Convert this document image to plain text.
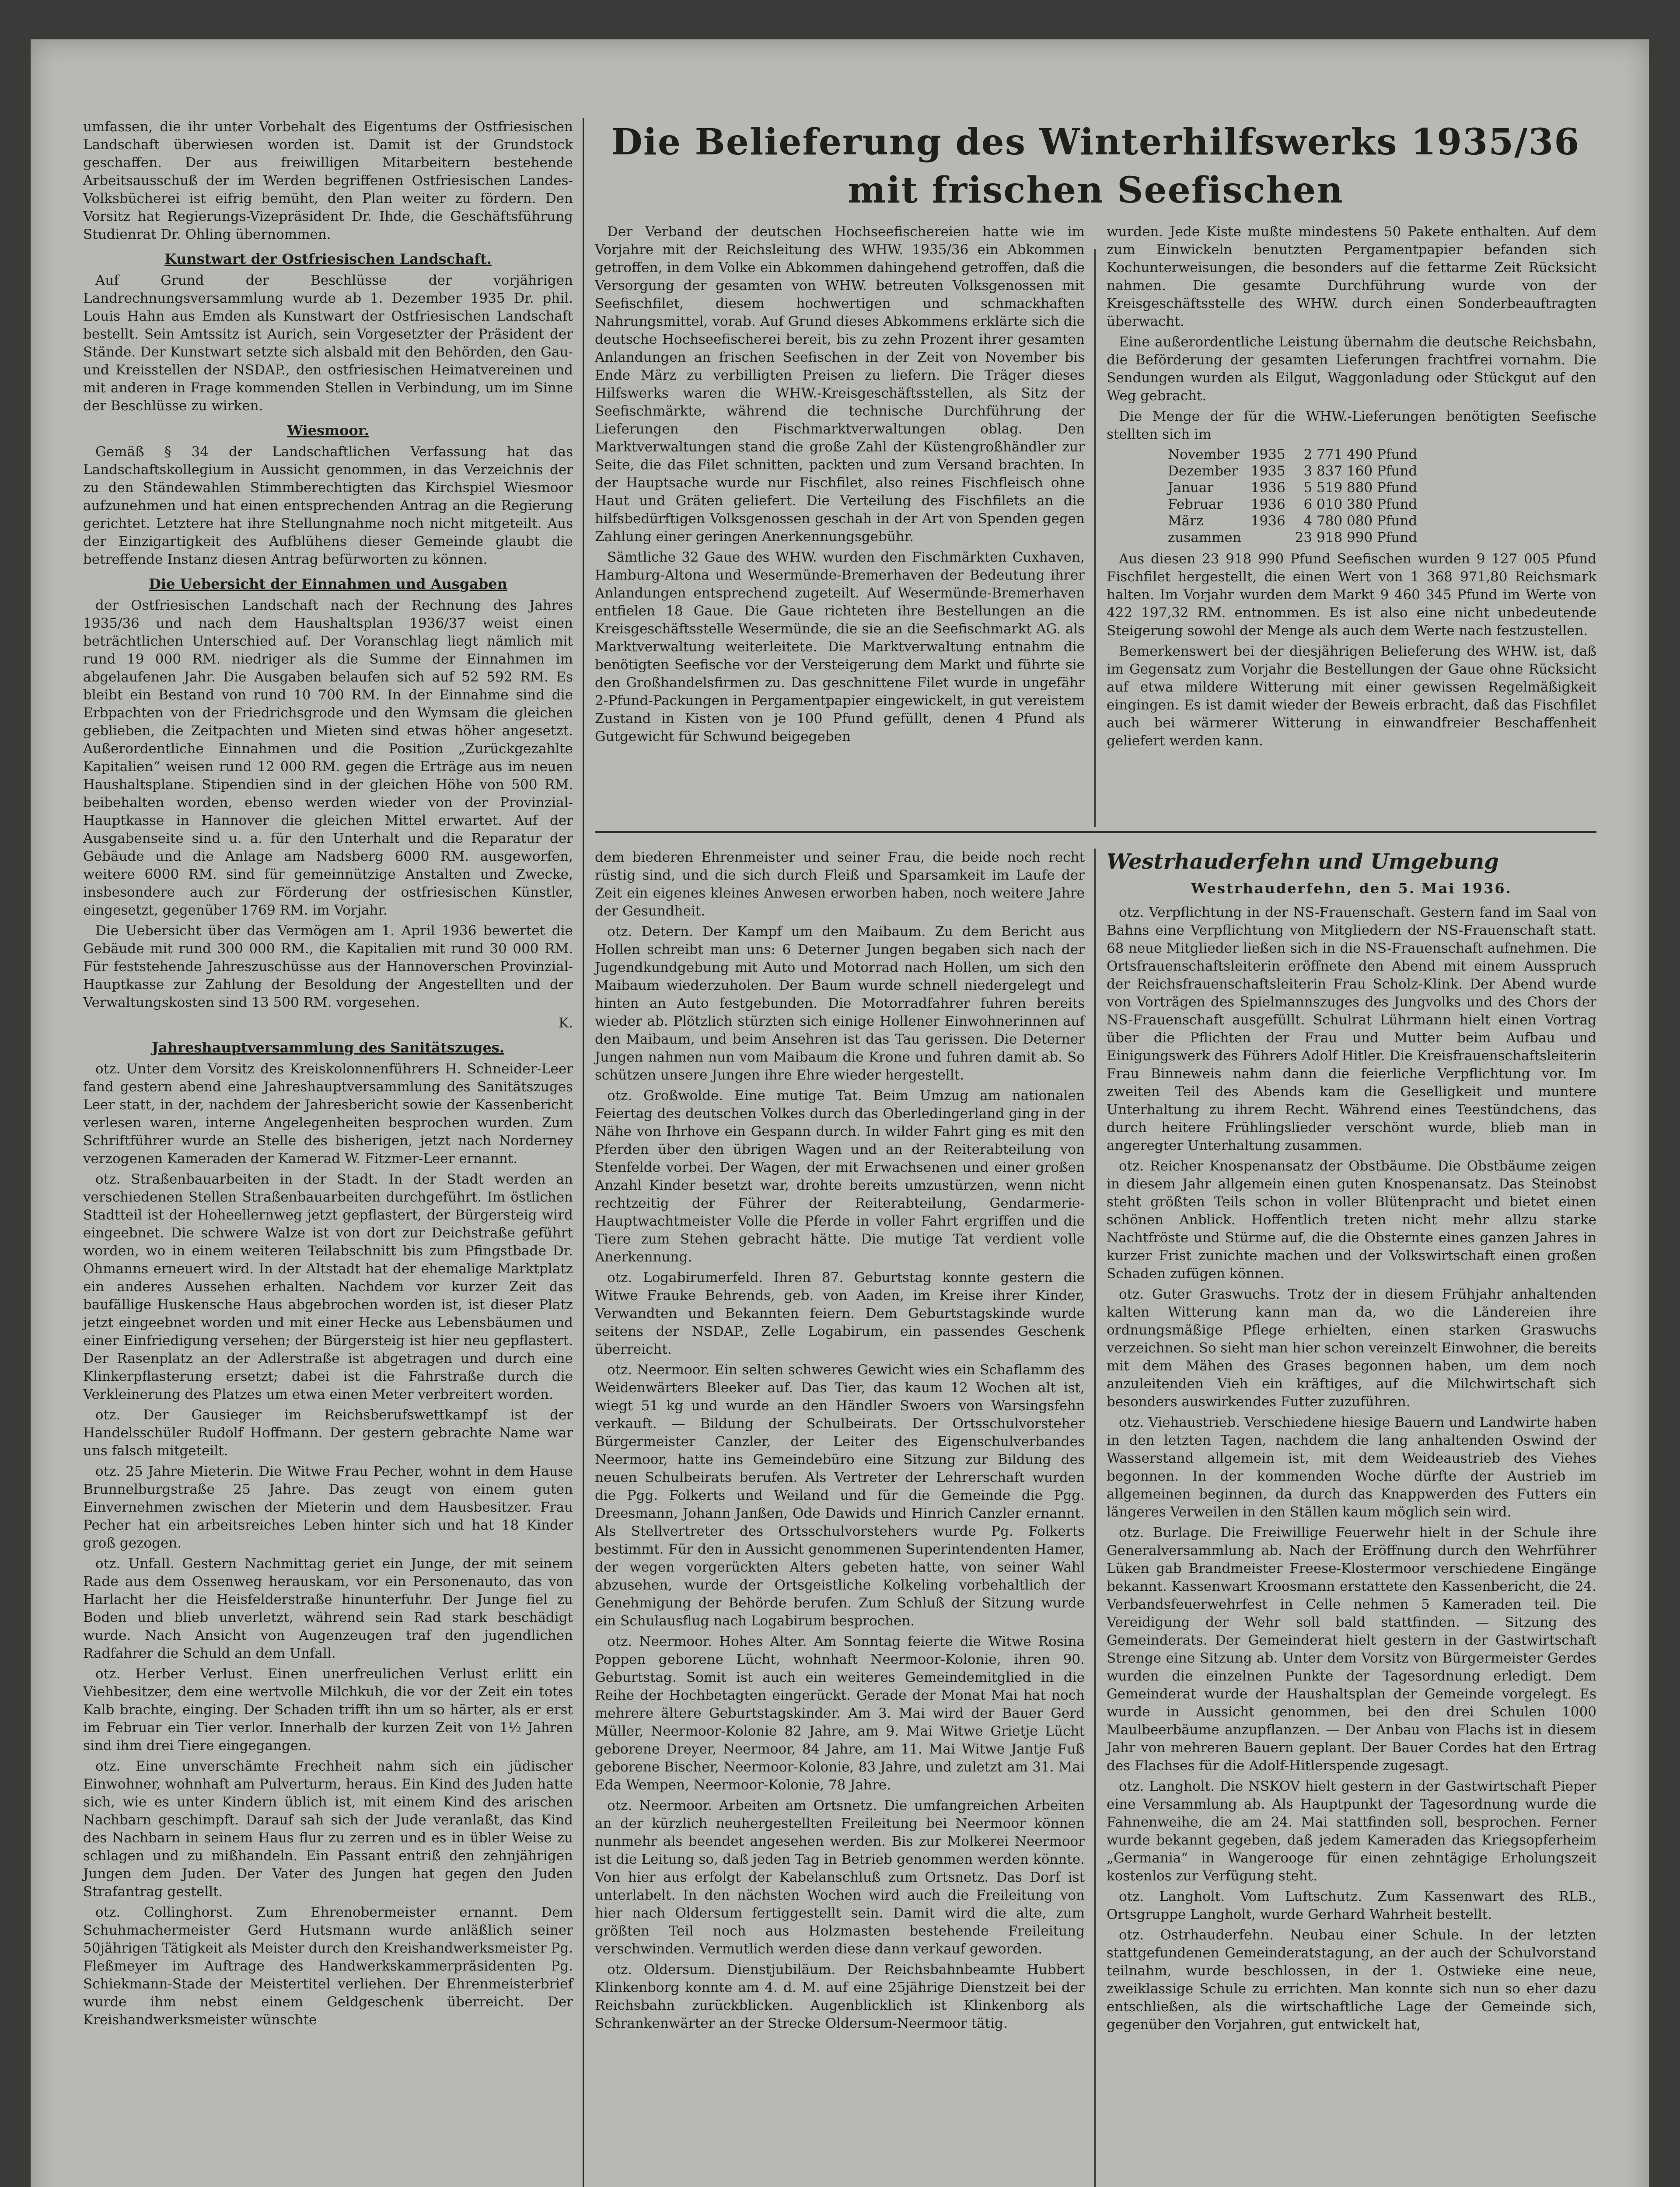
umfassen, die ihr unter Vorbehalt des Eigentums der Ostfriesischen Landschaft überwiesen worden ist. Damit ist der Grundstock geschaffen. Der aus freiwilligen Mitarbeitern bestehende Arbeitsausschuß der im Werden begriffenen Ostfriesischen Landes-Volksbücherei ist eifrig bemüht, den Plan weiter zu fördern. Den Vorsitz hat Regierungs-Vizepräsident Dr. Ihde, die Geschäftsführung Studienrat Dr. Ohling übernommen.

Kunstwart der Ostfriesischen Landschaft.

Auf Grund der Beschlüsse der vorjährigen Landrechnungsversammlung wurde ab 1. Dezember 1935 Dr. phil. Louis Hahn aus Emden als Kunstwart der Ostfriesischen Landschaft bestellt. Sein Amtssitz ist Aurich, sein Vorgesetzter der Präsident der Stände. Der Kunstwart setzte sich alsbald mit den Behörden, den Gau- und Kreisstellen der NSDAP., den ostfriesischen Heimatvereinen und mit anderen in Frage kommenden Stellen in Verbindung, um im Sinne der Beschlüsse zu wirken.

Wiesmoor.

Gemäß § 34 der Landschaftlichen Verfassung hat das Landschaftskollegium in Aussicht genommen, in das Verzeichnis der zu den Ständewahlen Stimmberechtigten das Kirchspiel Wiesmoor aufzunehmen und hat einen entsprechenden Antrag an die Regierung gerichtet. Letztere hat ihre Stellungnahme noch nicht mitgeteilt. Aus der Einzigartigkeit des Aufblühens dieser Gemeinde glaubt die betreffende Instanz diesen Antrag befürworten zu können.

Die Uebersicht der Einnahmen und Ausgaben

der Ostfriesischen Landschaft nach der Rechnung des Jahres 1935/36 und nach dem Haushaltsplan 1936/37 weist einen beträchtlichen Unterschied auf. Der Voranschlag liegt nämlich mit rund 19 000 RM. niedriger als die Summe der Einnahmen im abgelaufenen Jahr. Die Ausgaben belaufen sich auf 52 592 RM. Es bleibt ein Bestand von rund 10 700 RM. In der Einnahme sind die Erbpachten von der Friedrichsgrode und den Wymsam die gleichen geblieben, die Zeitpachten und Mieten sind etwas höher angesetzt. Außerordentliche Einnahmen und die Position „Zurückgezahlte Kapitalien“ weisen rund 12 000 RM. gegen die Erträge aus im neuen Haushaltsplane. Stipendien sind in der gleichen Höhe von 500 RM. beibehalten worden, ebenso werden wieder von der Provinzial-Hauptkasse in Hannover die gleichen Mittel erwartet. Auf der Ausgabenseite sind u. a. für den Unterhalt und die Reparatur der Gebäude und die Anlage am Nadsberg 6000 RM. ausgeworfen, weitere 6000 RM. sind für gemeinnützige Anstalten und Zwecke, insbesondere auch zur Förderung der ostfriesischen Künstler, eingesetzt, gegenüber 1769 RM. im Vorjahr.

Die Uebersicht über das Vermögen am 1. April 1936 bewertet die Gebäude mit rund 300 000 RM., die Kapitalien mit rund 30 000 RM. Für feststehende Jahreszuschüsse aus der Hannoverschen Provinzial-Hauptkasse zur Zahlung der Besoldung der Angestellten und der Verwaltungskosten sind 13 500 RM. vorgesehen.

K.

Jahreshauptversammlung des Sanitätszuges.

otz. Unter dem Vorsitz des Kreiskolonnenführers H. Schneider-Leer fand gestern abend eine Jahreshauptversammlung des Sanitätszuges Leer statt, in der, nachdem der Jahresbericht sowie der Kassenbericht verlesen waren, interne Angelegenheiten besprochen wurden. Zum Schriftführer wurde an Stelle des bisherigen, jetzt nach Norderney verzogenen Kameraden der Kamerad W. Fitzmer-Leer ernannt.

otz. Straßenbauarbeiten in der Stadt. In der Stadt werden an verschiedenen Stellen Straßenbauarbeiten durchgeführt. Im östlichen Stadtteil ist der Hoheellernweg jetzt gepflastert, der Bürgersteig wird eingeebnet. Die schwere Walze ist von dort zur Deichstraße geführt worden, wo in einem weiteren Teilabschnitt bis zum Pfingstbade Dr. Ohmanns erneuert wird. In der Altstadt hat der ehemalige Marktplatz ein anderes Aussehen erhalten. Nachdem vor kurzer Zeit das baufällige Huskensche Haus abgebrochen worden ist, ist dieser Platz jetzt eingeebnet worden und mit einer Hecke aus Lebensbäumen und einer Einfriedigung versehen; der Bürgersteig ist hier neu gepflastert. Der Rasenplatz an der Adlerstraße ist abgetragen und durch eine Klinkerpflasterung ersetzt; dabei ist die Fahrstraße durch die Verkleinerung des Platzes um etwa einen Meter verbreitert worden.

otz. Der Gausieger im Reichsberufswettkampf ist der Handelsschüler Rudolf Hoffmann. Der gestern gebrachte Name war uns falsch mitgeteilt.

otz. 25 Jahre Mieterin. Die Witwe Frau Pecher, wohnt in dem Hause Brunnelburgstraße 25 Jahre. Das zeugt von einem guten Einvernehmen zwischen der Mieterin und dem Hausbesitzer. Frau Pecher hat ein arbeitsreiches Leben hinter sich und hat 18 Kinder groß gezogen.

otz. Unfall. Gestern Nachmittag geriet ein Junge, der mit seinem Rade aus dem Ossenweg herauskam, vor ein Personenauto, das von Harlacht her die Heisfelderstraße hinunterfuhr. Der Junge fiel zu Boden und blieb unverletzt, während sein Rad stark beschädigt wurde. Nach Ansicht von Augenzeugen traf den jugendlichen Radfahrer die Schuld an dem Unfall.

otz. Herber Verlust. Einen unerfreulichen Verlust erlitt ein Viehbesitzer, dem eine wertvolle Milchkuh, die vor der Zeit ein totes Kalb brachte, einging. Der Schaden trifft ihn um so härter, als er erst im Februar ein Tier verlor. Innerhalb der kurzen Zeit von 1½ Jahren sind ihm drei Tiere eingegangen.

otz. Eine unverschämte Frechheit nahm sich ein jüdischer Einwohner, wohnhaft am Pulverturm, heraus. Ein Kind des Juden hatte sich, wie es unter Kindern üblich ist, mit einem Kind des arischen Nachbarn geschimpft. Darauf sah sich der Jude veranlaßt, das Kind des Nachbarn in seinem Haus flur zu zerren und es in übler Weise zu schlagen und zu mißhandeln. Ein Passant entriß den zehnjährigen Jungen dem Juden. Der Vater des Jungen hat gegen den Juden Strafantrag gestellt.

otz. Collinghorst. Zum Ehrenobermeister ernannt. Dem Schuhmachermeister Gerd Hutsmann wurde anläßlich seiner 50jährigen Tätigkeit als Meister durch den Kreishandwerksmeister Pg. Fleßmeyer im Auftrage des Handwerkskammerpräsidenten Pg. Schiekmann-Stade der Meistertitel verliehen. Der Ehrenmeisterbrief wurde ihm nebst einem Geldgeschenk überreicht. Der Kreishandwerksmeister wünschte

Die Belieferung des Winterhilfswerks 1935/36
mit frischen Seefischen

Der Verband der deutschen Hochseefischereien hatte wie im Vorjahre mit der Reichsleitung des WHW. 1935/36 ein Abkommen getroffen, in dem Volke ein Abkommen dahingehend getroffen, daß die Versorgung der gesamten von WHW. betreuten Volksgenossen mit Seefischfilet, diesem hochwertigen und schmackhaften Nahrungsmittel, vorab. Auf Grund dieses Abkommens erklärte sich die deutsche Hochseefischerei bereit, bis zu zehn Prozent ihrer gesamten Anlandungen an frischen Seefischen in der Zeit von November bis Ende März zu verbilligten Preisen zu liefern. Die Träger dieses Hilfswerks waren die WHW.-Kreisgeschäftsstellen, als Sitz der Seefischmärkte, während die technische Durchführung der Lieferungen den Fischmarktverwaltungen oblag. Den Marktverwaltungen stand die große Zahl der Küstengroßhändler zur Seite, die das Filet schnitten, packten und zum Versand brachten. In der Hauptsache wurde nur Fischfilet, also reines Fischfleisch ohne Haut und Gräten geliefert. Die Verteilung des Fischfilets an die hilfsbedürftigen Volksgenossen geschah in der Art von Spenden gegen Zahlung einer geringen Anerkennungsgebühr.

Sämtliche 32 Gaue des WHW. wurden den Fischmärkten Cuxhaven, Hamburg-Altona und Wesermünde-Bremerhaven der Bedeutung ihrer Anlandungen entsprechend zugeteilt. Auf Wesermünde-Bremerhaven entfielen 18 Gaue. Die Gaue richteten ihre Bestellungen an die Kreisgeschäftsstelle Wesermünde, die sie an die Seefischmarkt AG. als Marktverwaltung weiterleitete. Die Marktverwaltung entnahm die benötigten Seefische vor der Versteigerung dem Markt und führte sie den Großhandelsfirmen zu. Das geschnittene Filet wurde in ungefähr 2-Pfund-Packungen in Pergamentpapier eingewickelt, in gut vereistem Zustand in Kisten von je 100 Pfund gefüllt, denen 4 Pfund als Gutgewicht für Schwund beigegeben

wurden. Jede Kiste mußte mindestens 50 Pakete enthalten. Auf dem zum Einwickeln benutzten Pergamentpapier befanden sich Kochunterweisungen, die besonders auf die fettarme Zeit Rücksicht nahmen. Die gesamte Durchführung wurde von der Kreisgeschäftsstelle des WHW. durch einen Sonderbeauftragten überwacht.

Eine außerordentliche Leistung übernahm die deutsche Reichsbahn, die Beförderung der gesamten Lieferungen frachtfrei vornahm. Die Sendungen wurden als Eilgut, Waggonladung oder Stückgut auf den Weg gebracht.

Die Menge der für die WHW.-Lieferungen benötigten Seefische stellten sich im

November	1935	2 771 490 Pfund
Dezember	1935	3 837 160 Pfund
Januar	1936	5 519 880 Pfund
Februar	1936	6 010 380 Pfund
März	1936	4 780 080 Pfund
zusammen		23 918 990 Pfund

Aus diesen 23 918 990 Pfund Seefischen wurden 9 127 005 Pfund Fischfilet hergestellt, die einen Wert von 1 368 971,80 Reichsmark halten. Im Vorjahr wurden dem Markt 9 460 345 Pfund im Werte von 422 197,32 RM. entnommen. Es ist also eine nicht unbedeutende Steigerung sowohl der Menge als auch dem Werte nach festzustellen.

Bemerkenswert bei der diesjährigen Belieferung des WHW. ist, daß im Gegensatz zum Vorjahr die Bestellungen der Gaue ohne Rücksicht auf etwa mildere Witterung mit einer gewissen Regelmäßigkeit eingingen. Es ist damit wieder der Beweis erbracht, daß das Fischfilet auch bei wärmerer Witterung in einwandfreier Beschaffenheit geliefert werden kann.

dem biederen Ehrenmeister und seiner Frau, die beide noch recht rüstig sind, und die sich durch Fleiß und Sparsamkeit im Laufe der Zeit ein eigenes kleines Anwesen erworben haben, noch weitere Jahre der Gesundheit.

otz. Detern. Der Kampf um den Maibaum. Zu dem Bericht aus Hollen schreibt man uns: 6 Deterner Jungen begaben sich nach der Jugendkundgebung mit Auto und Motorrad nach Hollen, um sich den Maibaum wiederzuholen. Der Baum wurde schnell niedergelegt und hinten an Auto festgebunden. Die Motorradfahrer fuhren bereits wieder ab. Plötzlich stürzten sich einige Hollener Einwohnerinnen auf den Maibaum, und beim Ansehren ist das Tau gerissen. Die Deterner Jungen nahmen nun vom Maibaum die Krone und fuhren damit ab. So schützen unsere Jungen ihre Ehre wieder hergestellt.

otz. Großwolde. Eine mutige Tat. Beim Umzug am nationalen Feiertag des deutschen Volkes durch das Oberledingerland ging in der Nähe von Ihrhove ein Gespann durch. In wilder Fahrt ging es mit den Pferden über den übrigen Wagen und an der Reiterabteilung von Stenfelde vorbei. Der Wagen, der mit Erwachsenen und einer großen Anzahl Kinder besetzt war, drohte bereits umzustürzen, wenn nicht rechtzeitig der Führer der Reiterabteilung, Gendarmerie-Hauptwachtmeister Volle die Pferde in voller Fahrt ergriffen und die Tiere zum Stehen gebracht hätte. Die mutige Tat verdient volle Anerkennung.

otz. Logabirumerfeld. Ihren 87. Geburtstag konnte gestern die Witwe Frauke Behrends, geb. von Aaden, im Kreise ihrer Kinder, Verwandten und Bekannten feiern. Dem Geburtstagskinde wurde seitens der NSDAP., Zelle Logabirum, ein passendes Geschenk überreicht.

otz. Neermoor. Ein selten schweres Gewicht wies ein Schaflamm des Weidenwärters Bleeker auf. Das Tier, das kaum 12 Wochen alt ist, wiegt 51 kg und wurde an den Händler Swoers von Warsingsfehn verkauft. — Bildung der Schulbeirats. Der Ortsschulvorsteher Bürgermeister Canzler, der Leiter des Eigenschulverbandes Neermoor, hatte ins Gemeindebüro eine Sitzung zur Bildung des neuen Schulbeirats berufen. Als Vertreter der Lehrerschaft wurden die Pgg. Folkerts und Weiland und für die Gemeinde die Pgg. Dreesmann, Johann Janßen, Ode Dawids und Hinrich Canzler ernannt. Als Stellvertreter des Ortsschulvorstehers wurde Pg. Folkerts bestimmt. Für den in Aussicht genommenen Superintendenten Hamer, der wegen vorgerückten Alters gebeten hatte, von seiner Wahl abzusehen, wurde der Ortsgeistliche Kolkeling vorbehaltlich der Genehmigung der Behörde berufen. Zum Schluß der Sitzung wurde ein Schulausflug nach Logabirum besprochen.

otz. Neermoor. Hohes Alter. Am Sonntag feierte die Witwe Rosina Poppen geborene Lücht, wohnhaft Neermoor-Kolonie, ihren 90. Geburtstag. Somit ist auch ein weiteres Gemeindemitglied in die Reihe der Hochbetagten eingerückt. Gerade der Monat Mai hat noch mehrere ältere Geburtstagskinder. Am 3. Mai wird der Bauer Gerd Müller, Neermoor-Kolonie 82 Jahre, am 9. Mai Witwe Grietje Lücht geborene Dreyer, Neermoor, 84 Jahre, am 11. Mai Witwe Jantje Fuß geborene Bischer, Neermoor-Kolonie, 83 Jahre, und zuletzt am 31. Mai Eda Wempen, Neermoor-Kolonie, 78 Jahre.

otz. Neermoor. Arbeiten am Ortsnetz. Die umfangreichen Arbeiten an der kürzlich neuhergestellten Freileitung bei Neermoor können nunmehr als beendet angesehen werden. Bis zur Molkerei Neermoor ist die Leitung so, daß jeden Tag in Betrieb genommen werden könnte. Von hier aus erfolgt der Kabelanschluß zum Ortsnetz. Das Dorf ist unterlabelt. In den nächsten Wochen wird auch die Freileitung von hier nach Oldersum fertiggestellt sein. Damit wird die alte, zum größten Teil noch aus Holzmasten bestehende Freileitung verschwinden. Vermutlich werden diese dann verkauf geworden.

otz. Oldersum. Dienstjubiläum. Der Reichsbahnbeamte Hubbert Klinkenborg konnte am 4. d. M. auf eine 25jährige Dienstzeit bei der Reichsbahn zurückblicken. Augenblicklich ist Klinkenborg als Schrankenwärter an der Strecke Oldersum-Neermoor tätig.

Westrhauderfehn und Umgebung
Westrhauderfehn, den 5. Mai 1936.

otz. Verpflichtung in der NS-Frauenschaft. Gestern fand im Saal von Bahns eine Verpflichtung von Mitgliedern der NS-Frauenschaft statt. 68 neue Mitglieder ließen sich in die NS-Frauenschaft aufnehmen. Die Ortsfrauenschaftsleiterin eröffnete den Abend mit einem Ausspruch der Reichsfrauenschaftsleiterin Frau Scholz-Klink. Der Abend wurde von Vorträgen des Spielmannszuges des Jungvolks und des Chors der NS-Frauenschaft ausgefüllt. Schulrat Lührmann hielt einen Vortrag über die Pflichten der Frau und Mutter beim Aufbau und Einigungswerk des Führers Adolf Hitler. Die Kreisfrauenschaftsleiterin Frau Binneweis nahm dann die feierliche Verpflichtung vor. Im zweiten Teil des Abends kam die Geselligkeit und muntere Unterhaltung zu ihrem Recht. Während eines Teestündchens, das durch heitere Frühlingslieder verschönt wurde, blieb man in angeregter Unterhaltung zusammen.

otz. Reicher Knospenansatz der Obstbäume. Die Obstbäume zeigen in diesem Jahr allgemein einen guten Knospenansatz. Das Steinobst steht größten Teils schon in voller Blütenpracht und bietet einen schönen Anblick. Hoffentlich treten nicht mehr allzu starke Nachtfröste und Stürme auf, die die Obsternte eines ganzen Jahres in kurzer Frist zunichte machen und der Volkswirtschaft einen großen Schaden zufügen können.

otz. Guter Graswuchs. Trotz der in diesem Frühjahr anhaltenden kalten Witterung kann man da, wo die Ländereien ihre ordnungsmäßige Pflege erhielten, einen starken Graswuchs verzeichnen. So sieht man hier schon vereinzelt Einwohner, die bereits mit dem Mähen des Grases begonnen haben, um dem noch anzuleitenden Vieh ein kräftiges, auf die Milchwirtschaft sich besonders auswirkendes Futter zuzuführen.

otz. Viehaustrieb. Verschiedene hiesige Bauern und Landwirte haben in den letzten Tagen, nachdem die lang anhaltenden Oswind der Wasserstand allgemein ist, mit dem Weideaustrieb des Viehes begonnen. In der kommenden Woche dürfte der Austrieb im allgemeinen beginnen, da durch das Knappwerden des Futters ein längeres Verweilen in den Ställen kaum möglich sein wird.

otz. Burlage. Die Freiwillige Feuerwehr hielt in der Schule ihre Generalversammlung ab. Nach der Eröffnung durch den Wehrführer Lüken gab Brandmeister Freese-Klostermoor verschiedene Eingänge bekannt. Kassenwart Kroosmann erstattete den Kassenbericht, die 24. Verbandsfeuerwehrfest in Celle nehmen 5 Kameraden teil. Die Vereidigung der Wehr soll bald stattfinden. — Sitzung des Gemeinderats. Der Gemeinderat hielt gestern in der Gastwirtschaft Strenge eine Sitzung ab. Unter dem Vorsitz von Bürgermeister Gerdes wurden die einzelnen Punkte der Tagesordnung erledigt. Dem Gemeinderat wurde der Haushaltsplan der Gemeinde vorgelegt. Es wurde in Aussicht genommen, bei den drei Schulen 1000 Maulbeerbäume anzupflanzen. — Der Anbau von Flachs ist in diesem Jahr von mehreren Bauern geplant. Der Bauer Cordes hat den Ertrag des Flachses für die Adolf-Hitlerspende zugesagt.

otz. Langholt. Die NSKOV hielt gestern in der Gastwirtschaft Pieper eine Versammlung ab. Als Hauptpunkt der Tagesordnung wurde die Fahnenweihe, die am 24. Mai stattfinden soll, besprochen. Ferner wurde bekannt gegeben, daß jedem Kameraden das Kriegsopferheim „Germania“ in Wangerooge für einen zehntägige Erholungszeit kostenlos zur Verfügung steht.

otz. Langholt. Vom Luftschutz. Zum Kassenwart des RLB., Ortsgruppe Langholt, wurde Gerhard Wahrheit bestellt.

otz. Ostrhauderfehn. Neubau einer Schule. In der letzten stattgefundenen Gemeinderatstagung, an der auch der Schulvorstand teilnahm, wurde beschlossen, in der 1. Ostwieke eine neue, zweiklassige Schule zu errichten. Man konnte sich nun so eher dazu entschließen, als die wirtschaftliche Lage der Gemeinde sich, gegenüber den Vorjahren, gut entwickelt hat,
